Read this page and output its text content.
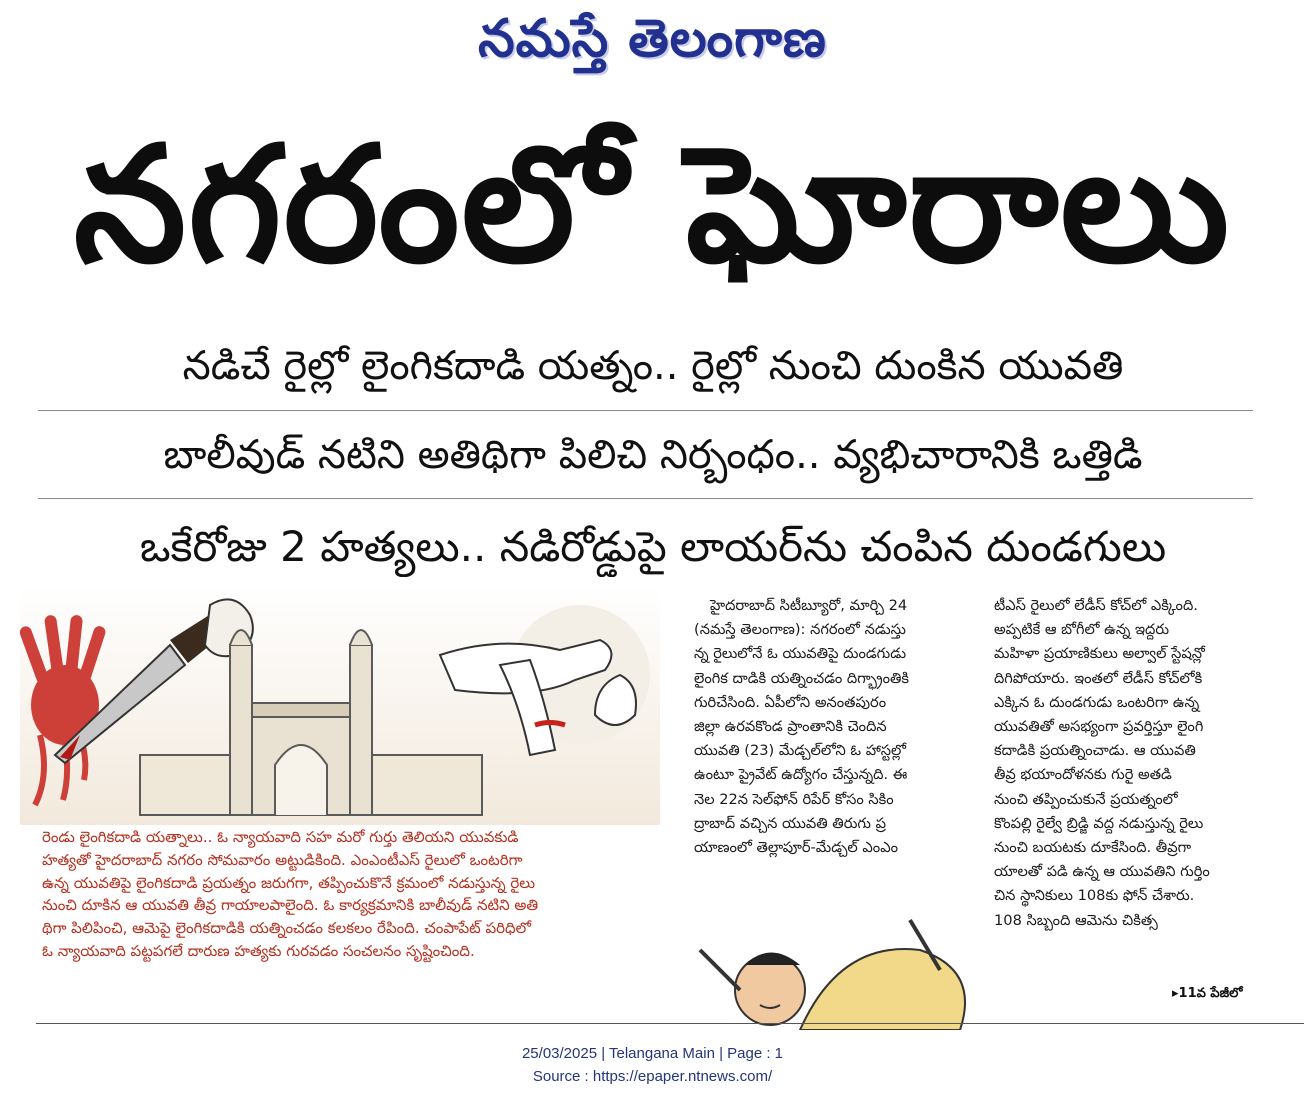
నమస్తే తెలంగాణ
నగరంలో ఘోరాలు
నడిచే రైల్లో లైంగికదాడి యత్నం.. రైల్లో నుంచి దుంకిన యువతి
బాలీవుడ్ నటిని అతిథిగా పిలిచి నిర్బంధం.. వ్యభిచారానికి ఒత్తిడి
ఒకేరోజు 2 హత్యలు.. నడిరోడ్డుపై లాయర్‌ను చంపిన దుండగులు
రెండు లైంగికదాడి యత్నాలు.. ఓ న్యాయవాది సహ మరో గుర్తు తెలియని యువకుడి
హత్యతో హైదరాబాద్ నగరం సోమవారం అట్టుడికింది. ఎంఎంటీఎస్ రైలులో ఒంటరిగా
ఉన్న యువతిపై లైంగికదాడి ప్రయత్నం జరుగగా, తప్పించుకొనే క్రమంలో నడుస్తున్న రైలు
నుంచి దూకిన ఆ యువతి తీవ్ర గాయాలపాలైంది. ఓ కార్యక్రమానికి బాలీవుడ్ నటిని అతి
థిగా పిలిపించి, ఆమెపై లైంగికదాడికి యత్నించడం కలకలం రేపింది. చంపాపేట్ పరిధిలో
ఓ న్యాయవాది పట్టపగలే దారుణ హత్యకు గురవడం సంచలనం సృష్టించింది.
హైదరాబాద్ సిటీబ్యూరో, మార్చి 24
(నమస్తే తెలంగాణ): నగరంలో నడుస్తు
న్న రైలులోనే ఓ యువతిపై దుండగుడు
లైంగిక దాడికి యత్నించడం దిగ్భ్రాంతికి
గురిచేసింది. ఏపీలోని అనంతపురం
జిల్లా ఉరవకొండ ప్రాంతానికి చెందిన
యువతి (23) మేడ్చల్‌లోని ఓ హాస్టల్లో
ఉంటూ ప్రైవేట్ ఉద్యోగం చేస్తున్నది. ఈ
నెల 22న సెల్‌ఫోన్ రిపేర్ కోసం సికిం
ద్రాబాద్ వచ్చిన యువతి తిరుగు ప్ర
యాణంలో తెల్లాపూర్-మేడ్చల్ ఎంఎం
టీఎస్ రైలులో లేడీస్ కోచ్‌లో ఎక్కింది.
అప్పటికే ఆ బోగీలో ఉన్న ఇద్దరు
మహిళా ప్రయాణికులు అల్వాల్ స్టేషన్లో
దిగిపోయారు. ఇంతలో లేడీస్ కోచ్‌లోకి
ఎక్కిన ఓ దుండగుడు ఒంటరిగా ఉన్న
యువతితో అసభ్యంగా ప్రవర్తిస్తూ లైంగి
కదాడికి ప్రయత్నించాడు. ఆ యువతి
తీవ్ర భయాందోళనకు గురై అతడి
నుంచి తప్పించుకునే ప్రయత్నంలో
కొంపల్లి రైల్వే బ్రిడ్జి వద్ద నడుస్తున్న రైలు
నుంచి బయటకు దూకేసింది. తీవ్రగా
యాలతో పడి ఉన్న ఆ యువతిని గుర్తిం
చిన స్థానికులు 108కు ఫోన్ చేశారు.
108 సిబ్బంది ఆమెను చికిత్స
▸11వ పేజీలో
25/03/2025 | Telangana Main | Page : 1
Source : https://epaper.ntnews.com/
